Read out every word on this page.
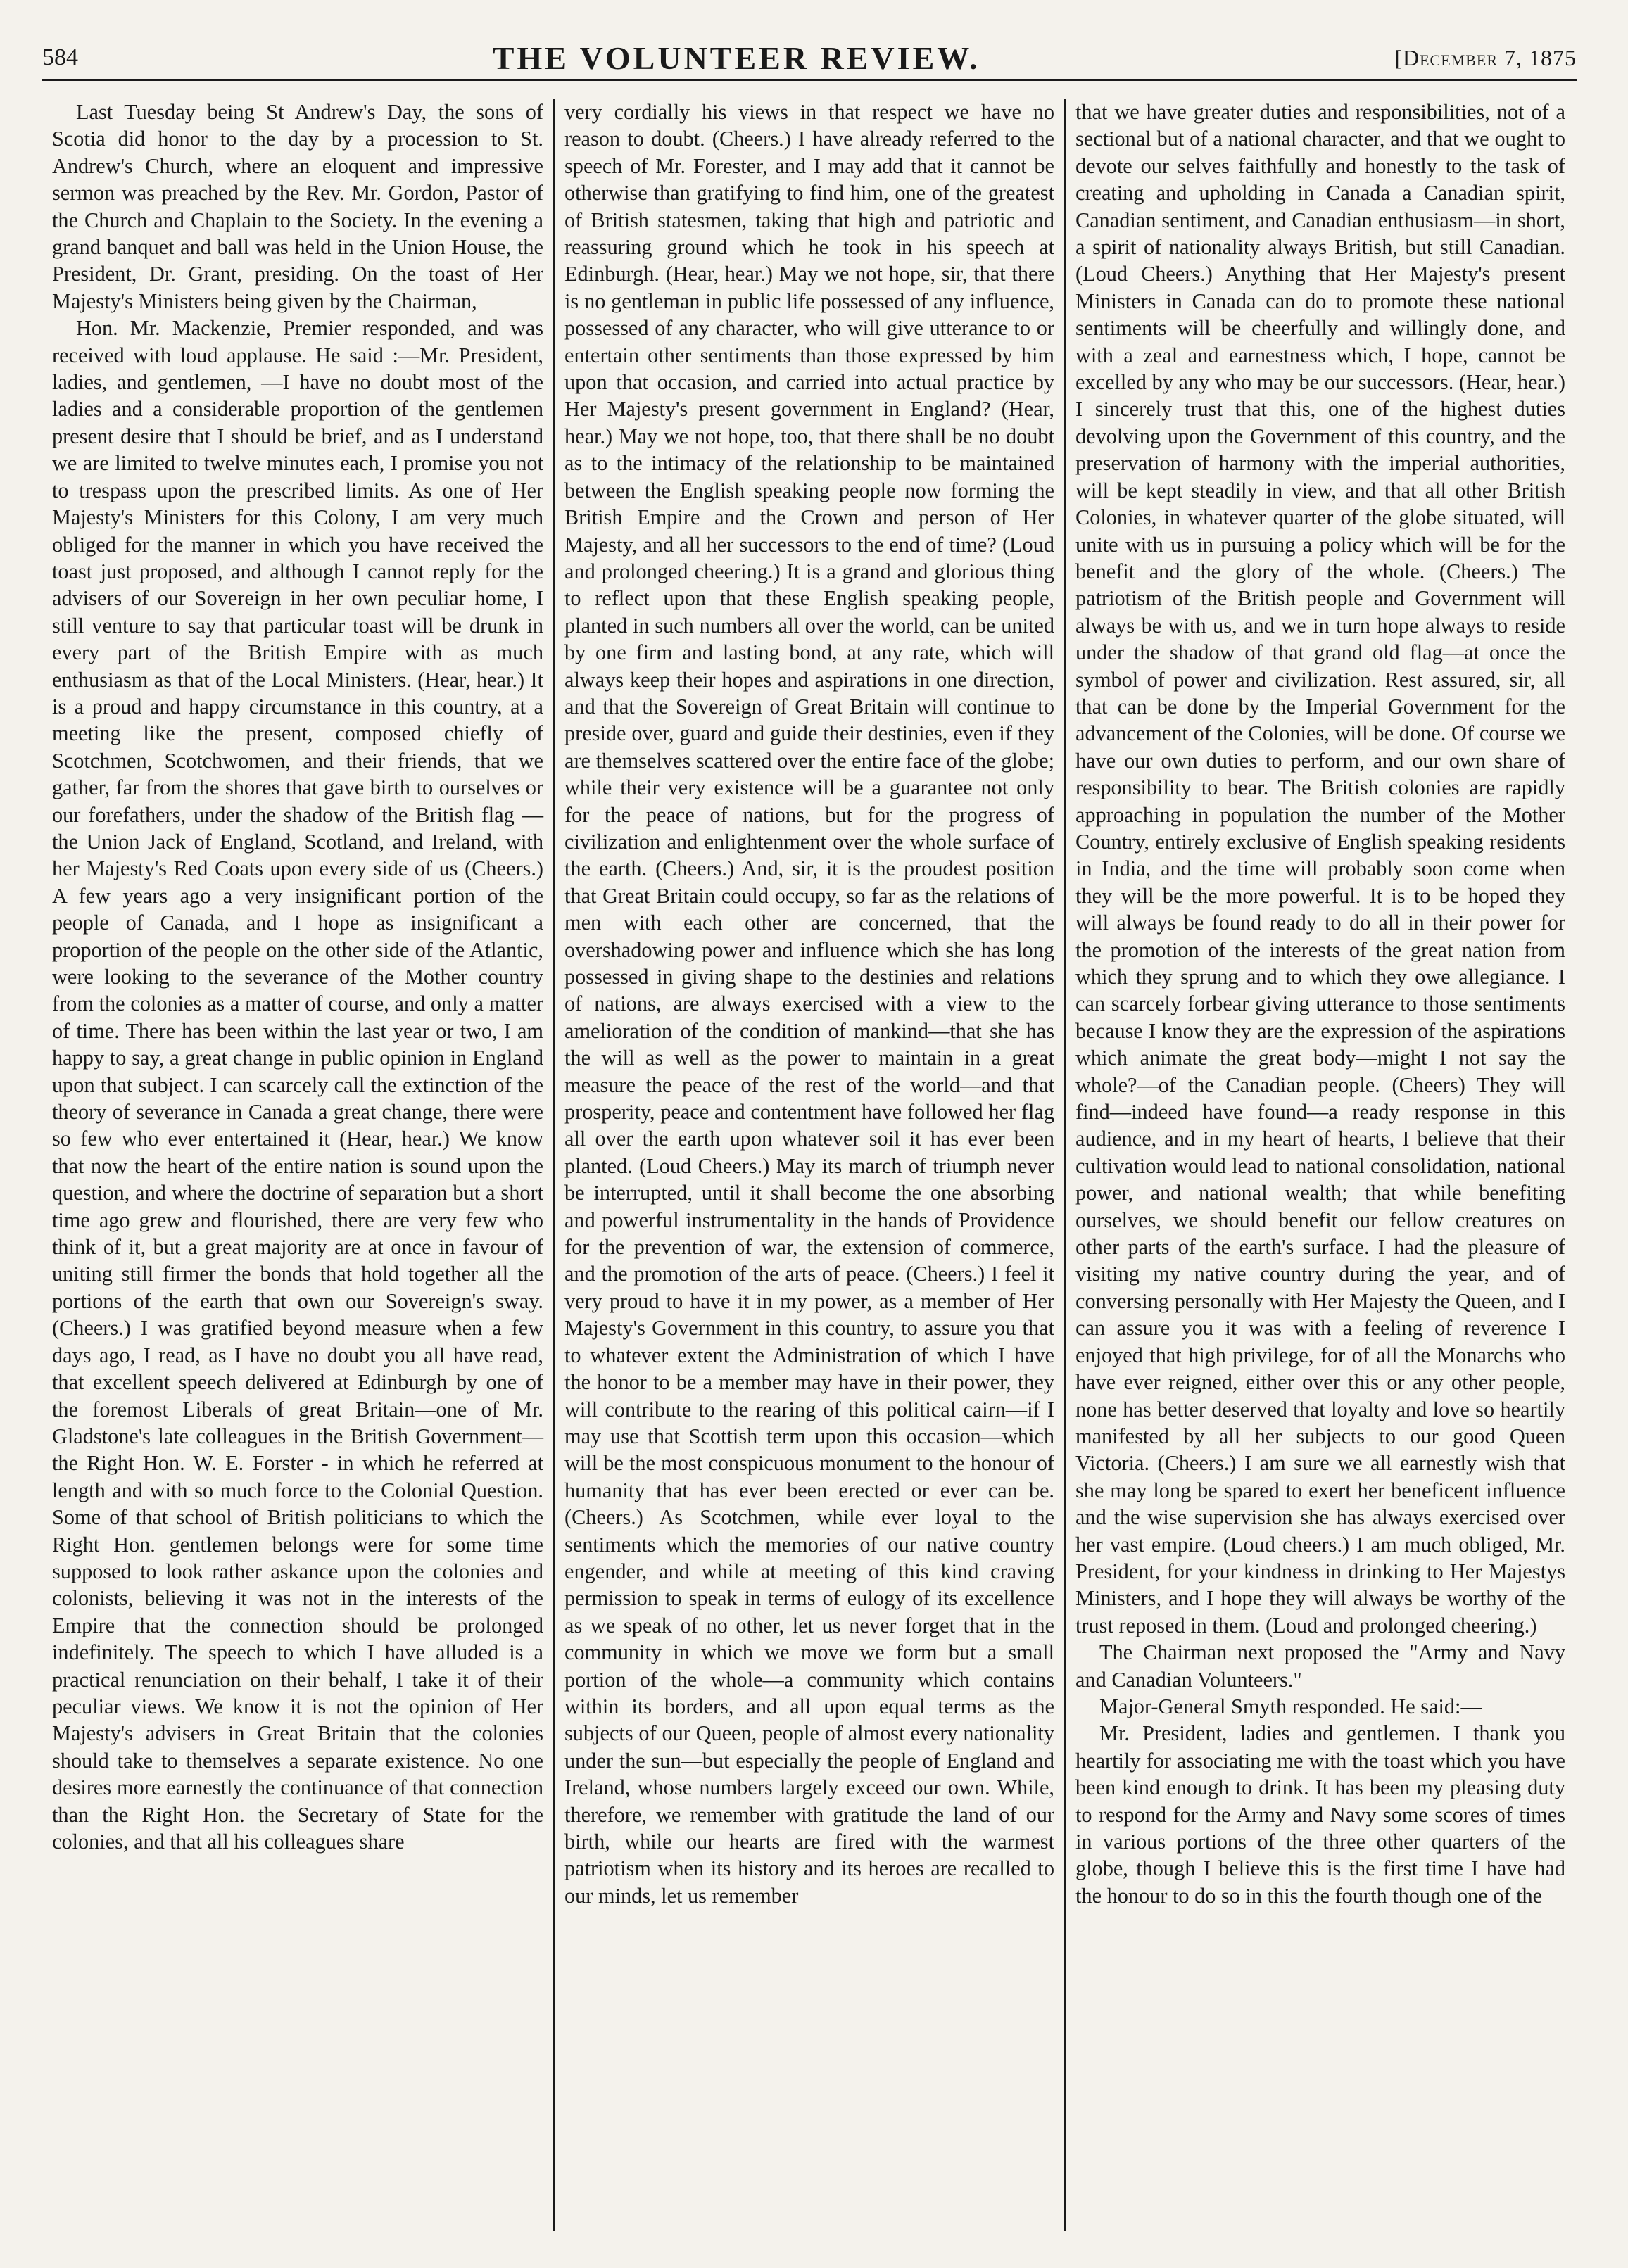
584	THE VOLUNTEER REVIEW.	[December 7, 1875

Last Tuesday being St Andrew's Day, the sons of Scotia did honor to the day by a procession to St. Andrew's Church, where an eloquent and impressive sermon was preached by the Rev. Mr. Gordon, Pastor of the Church and Chaplain to the Society. In the evening a grand banquet and ball was held in the Union House, the President, Dr. Grant, presiding. On the toast of Her Majesty's Ministers being given by the Chairman,

Hon. Mr. Mackenzie, Premier responded, and was received with loud applause. He said :—Mr. President, ladies, and gentlemen, —I have no doubt most of the ladies and a considerable proportion of the gentlemen present desire that I should be brief, and as I understand we are limited to twelve minutes each, I promise you not to trespass upon the prescribed limits. As one of Her Majesty's Ministers for this Colony, I am very much obliged for the manner in which you have received the toast just proposed, and although I cannot reply for the advisers of our Sovereign in her own peculiar home, I still venture to say that particular toast will be drunk in every part of the British Empire with as much enthusiasm as that of the Local Ministers. (Hear, hear.) It is a proud and happy circumstance in this country, at a meeting like the present, composed chiefly of Scotchmen, Scotchwomen, and their friends, that we gather, far from the shores that gave birth to ourselves or our forefathers, under the shadow of the British flag —the Union Jack of England, Scotland, and Ireland, with her Majesty's Red Coats upon every side of us (Cheers.) A few years ago a very insignificant portion of the people of Canada, and I hope as insignificant a proportion of the people on the other side of the Atlantic, were looking to the severance of the Mother country from the colonies as a matter of course, and only a matter of time. There has been within the last year or two, I am happy to say, a great change in public opinion in England upon that subject. I can scarcely call the extinction of the theory of severance in Canada a great change, there were so few who ever entertained it (Hear, hear.) We know that now the heart of the entire nation is sound upon the question, and where the doctrine of separation but a short time ago grew and flourished, there are very few who think of it, but a great majority are at once in favour of uniting still firmer the bonds that hold together all the portions of the earth that own our Sovereign's sway. (Cheers.) I was gratified beyond measure when a few days ago, I read, as I have no doubt you all have read, that excellent speech delivered at Edinburgh by one of the foremost Liberals of great Britain—one of Mr. Gladstone's late colleagues in the British Government—the Right Hon. W. E. Forster - in which he referred at length and with so much force to the Colonial Question. Some of that school of British politicians to which the Right Hon. gentlemen belongs were for some time supposed to look rather askance upon the colonies and colonists, believing it was not in the interests of the Empire that the connection should be prolonged indefinitely. The speech to which I have alluded is a practical renunciation on their behalf, I take it of their peculiar views. We know it is not the opinion of Her Majesty's advisers in Great Britain that the colonies should take to themselves a separate existence. No one desires more earnestly the continuance of that connection than the Right Hon. the Secretary of State for the colonies, and that all his colleagues share

very cordially his views in that respect we have no reason to doubt. (Cheers.) I have already referred to the speech of Mr. Forester, and I may add that it cannot be otherwise than gratifying to find him, one of the greatest of British statesmen, taking that high and patriotic and reassuring ground which he took in his speech at Edinburgh. (Hear, hear.) May we not hope, sir, that there is no gentleman in public life possessed of any influence, possessed of any character, who will give utterance to or entertain other sentiments than those expressed by him upon that occasion, and carried into actual practice by Her Majesty's present government in England? (Hear, hear.) May we not hope, too, that there shall be no doubt as to the intimacy of the relationship to be maintained between the English speaking people now forming the British Empire and the Crown and person of Her Majesty, and all her successors to the end of time? (Loud and prolonged cheering.) It is a grand and glorious thing to reflect upon that these English speaking people, planted in such numbers all over the world, can be united by one firm and lasting bond, at any rate, which will always keep their hopes and aspirations in one direction, and that the Sovereign of Great Britain will continue to preside over, guard and guide their destinies, even if they are themselves scattered over the entire face of the globe; while their very existence will be a guarantee not only for the peace of nations, but for the progress of civilization and enlightenment over the whole surface of the earth. (Cheers.) And, sir, it is the proudest position that Great Britain could occupy, so far as the relations of men with each other are concerned, that the overshadowing power and influence which she has long possessed in giving shape to the destinies and relations of nations, are always exercised with a view to the amelioration of the condition of mankind—that she has the will as well as the power to maintain in a great measure the peace of the rest of the world—and that prosperity, peace and contentment have followed her flag all over the earth upon whatever soil it has ever been planted. (Loud Cheers.) May its march of triumph never be interrupted, until it shall become the one absorbing and powerful instrumentality in the hands of Providence for the prevention of war, the extension of commerce, and the promotion of the arts of peace. (Cheers.) I feel it very proud to have it in my power, as a member of Her Majesty's Government in this country, to assure you that to whatever extent the Administration of which I have the honor to be a member may have in their power, they will contribute to the rearing of this political cairn—if I may use that Scottish term upon this occasion—which will be the most conspicuous monument to the honour of humanity that has ever been erected or ever can be. (Cheers.) As Scotchmen, while ever loyal to the sentiments which the memories of our native country engender, and while at meeting of this kind craving permission to speak in terms of eulogy of its excellence as we speak of no other, let us never forget that in the community in which we move we form but a small portion of the whole—a community which contains within its borders, and all upon equal terms as the subjects of our Queen, people of almost every nationality under the sun—but especially the people of England and Ireland, whose numbers largely exceed our own. While, therefore, we remember with gratitude the land of our birth, while our hearts are fired with the warmest patriotism when its history and its heroes are recalled to our minds, let us remember

that we have greater duties and responsibilities, not of a sectional but of a national character, and that we ought to devote our selves faithfully and honestly to the task of creating and upholding in Canada a Canadian spirit, Canadian sentiment, and Canadian enthusiasm—in short, a spirit of nationality always British, but still Canadian. (Loud Cheers.) Anything that Her Majesty's present Ministers in Canada can do to promote these national sentiments will be cheerfully and willingly done, and with a zeal and earnestness which, I hope, cannot be excelled by any who may be our successors. (Hear, hear.) I sincerely trust that this, one of the highest duties devolving upon the Government of this country, and the preservation of harmony with the imperial authorities, will be kept steadily in view, and that all other British Colonies, in whatever quarter of the globe situated, will unite with us in pursuing a policy which will be for the benefit and the glory of the whole. (Cheers.) The patriotism of the British people and Government will always be with us, and we in turn hope always to reside under the shadow of that grand old flag—at once the symbol of power and civilization. Rest assured, sir, all that can be done by the Imperial Government for the advancement of the Colonies, will be done. Of course we have our own duties to perform, and our own share of responsibility to bear. The British colonies are rapidly approaching in population the number of the Mother Country, entirely exclusive of English speaking residents in India, and the time will probably soon come when they will be the more powerful. It is to be hoped they will always be found ready to do all in their power for the promotion of the interests of the great nation from which they sprung and to which they owe allegiance. I can scarcely forbear giving utterance to those sentiments because I know they are the expression of the aspirations which animate the great body—might I not say the whole?—of the Canadian people. (Cheers) They will find—indeed have found—a ready response in this audience, and in my heart of hearts, I believe that their cultivation would lead to national consolidation, national power, and national wealth; that while benefiting ourselves, we should benefit our fellow creatures on other parts of the earth's surface. I had the pleasure of visiting my native country during the year, and of conversing personally with Her Majesty the Queen, and I can assure you it was with a feeling of reverence I enjoyed that high privilege, for of all the Monarchs who have ever reigned, either over this or any other people, none has better deserved that loyalty and love so heartily manifested by all her subjects to our good Queen Victoria. (Cheers.) I am sure we all earnestly wish that she may long be spared to exert her beneficent influence and the wise supervision she has always exercised over her vast empire. (Loud cheers.) I am much obliged, Mr. President, for your kindness in drinking to Her Majestys Ministers, and I hope they will always be worthy of the trust reposed in them. (Loud and prolonged cheering.)

The Chairman next proposed the "Army and Navy and Canadian Volunteers."

Major-General Smyth responded. He said:—

Mr. President, ladies and gentlemen. I thank you heartily for associating me with the toast which you have been kind enough to drink. It has been my pleasing duty to respond for the Army and Navy some scores of times in various portions of the three other quarters of the globe, though I believe this is the first time I have had the honour to do so in this the fourth though one of the
